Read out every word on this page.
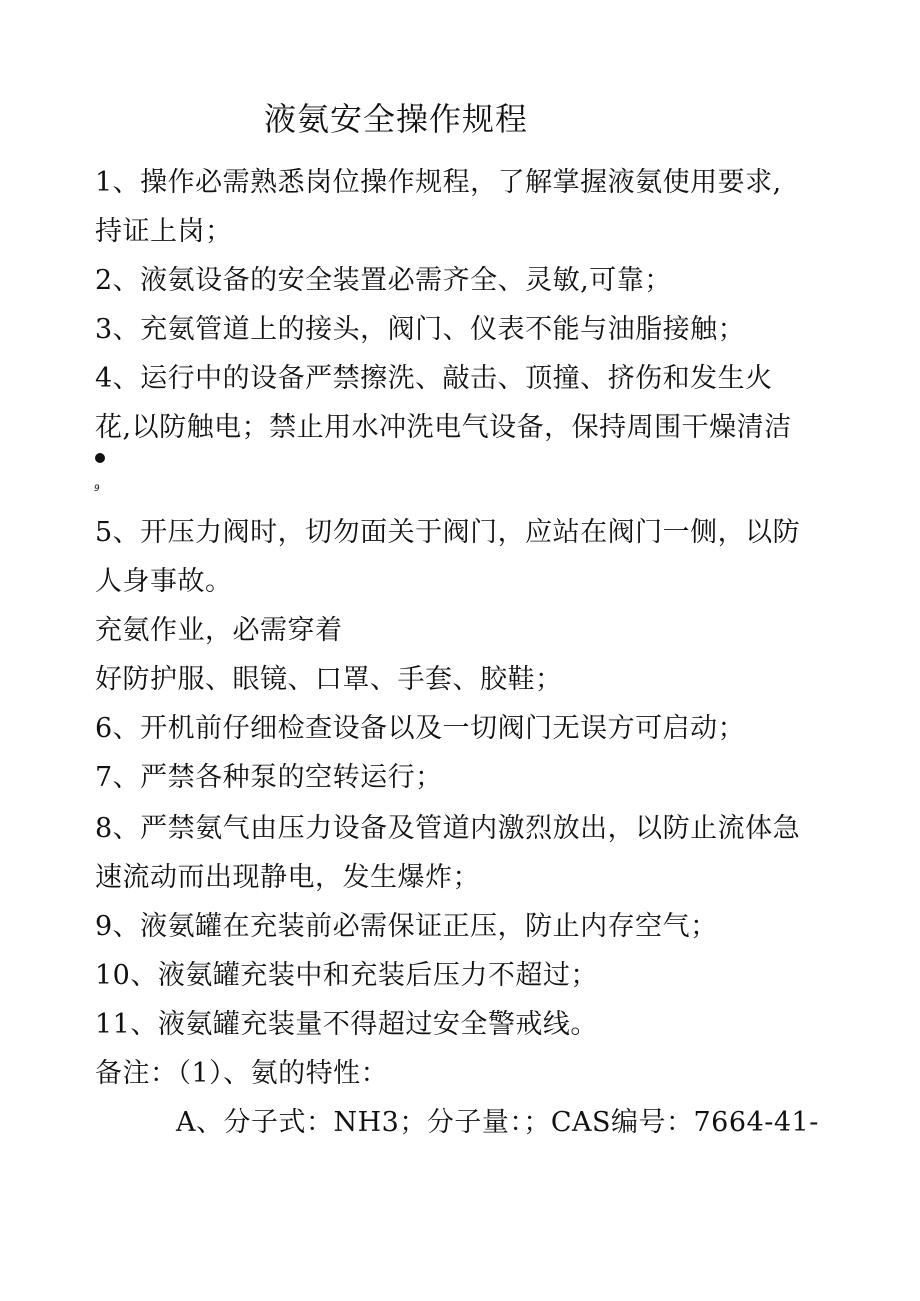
液氨安全操作规程
1、操作必需熟悉岗位操作规程，了解掌握液氨使用要求,
持证上岗；
2、液氨设备的安全装置必需齐全、灵敏,可靠；
3、充氨管道上的接头，阀门、仪表不能与油脂接触；
4、运行中的设备严禁擦洗、敲击、顶撞、挤伤和发生火
花,以防触电；禁止用水冲洗电气设备，保持周围干燥清洁
9
5、开压力阀时，切勿面关于阀门，应站在阀门一侧，以防
人身事故。
充氨作业，必需穿着
好防护服、眼镜、口罩、手套、胶鞋；
6、开机前仔细检查设备以及一切阀门无误方可启动；
7、严禁各种泵的空转运行；
8、严禁氨气由压力设备及管道内激烈放出，以防止流体急
速流动而出现静电，发生爆炸；
9、液氨罐在充装前必需保证正压，防止内存空气；
10、液氨罐充装中和充装后压力不超过；
11、液氨罐充装量不得超过安全警戒线。
备注：（1）、氨的特性：
A、分子式：NH3；分子量：；CAS编号：7664-41-
